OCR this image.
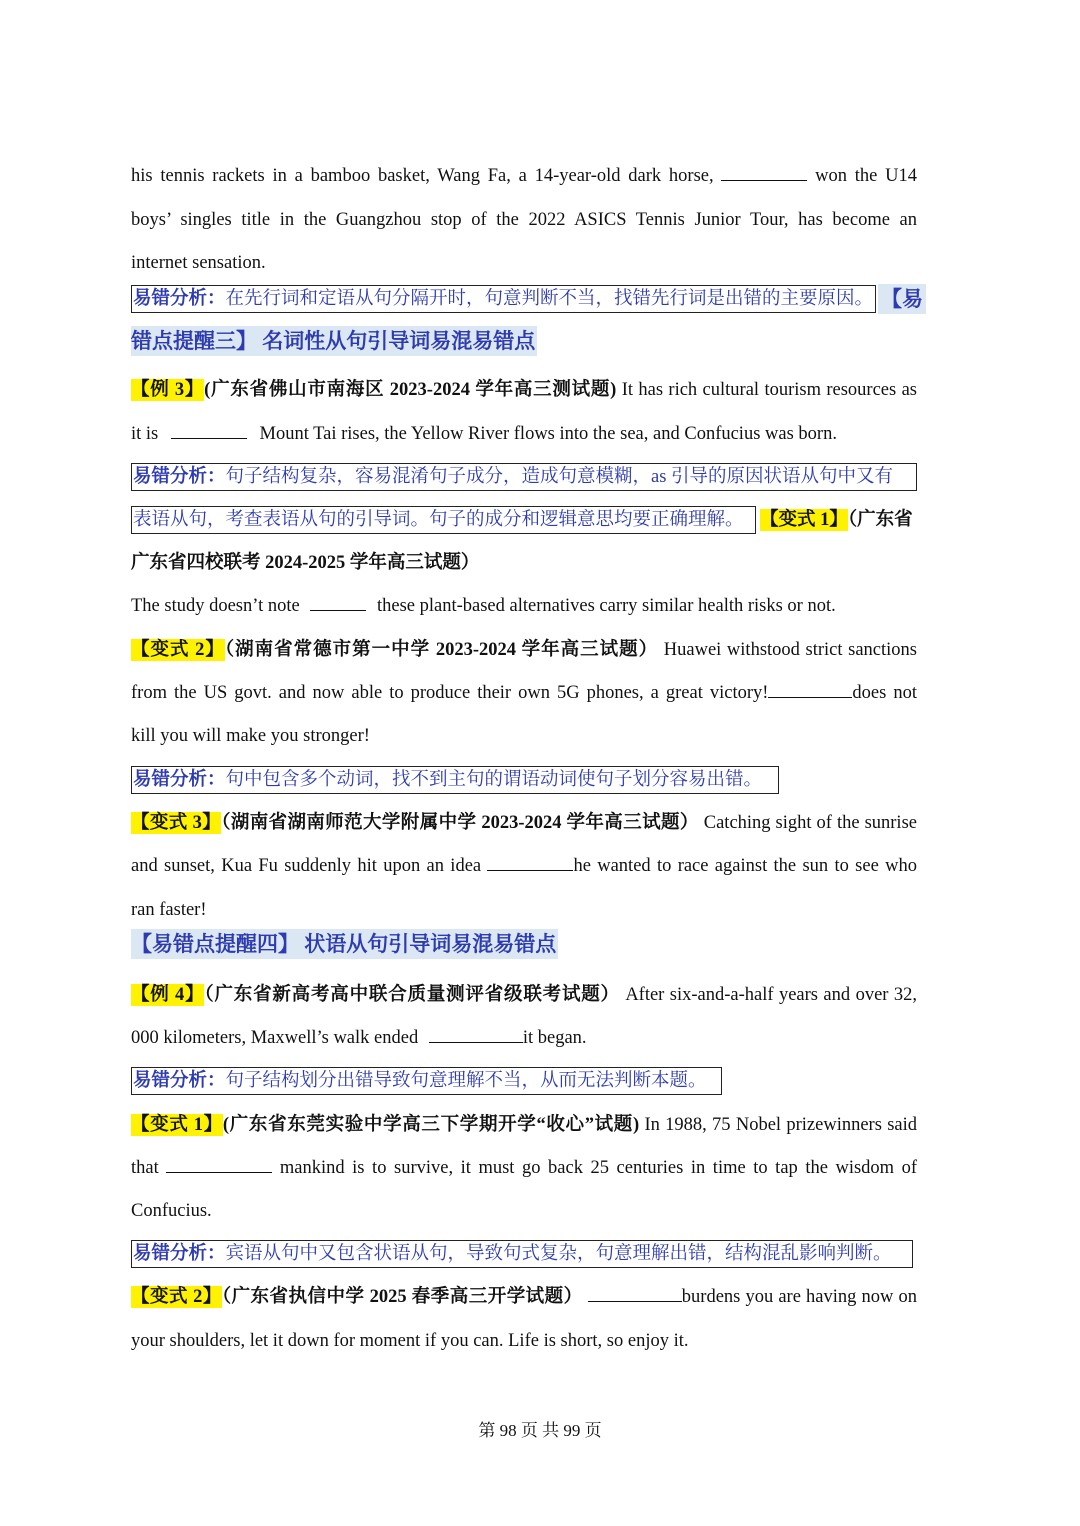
his tennis rackets in a bamboo basket, Wang Fa, a 14-year-old dark horse,	won the U14
boys’ singles title in the Guangzhou stop of the 2022 ASICS Tennis Junior Tour, has become an
internet sensation.
易错分析：在先行词和定语从句分隔开时，句意判断不当，找错先行词是出错的主要原因。 【易
错点提醒三】 名词性从句引导词易混易错点
【例 3】(广东省佛山市南海区 2023-2024 学年高三测试题) It has rich cultural tourism resources as
it is	Mount Tai rises, the Yellow River flows into the sea, and Confucius was born.
易错分析：句子结构复杂，容易混淆句子成分，造成句意模糊，as 引导的原因状语从句中又有
表语从句，考查表语从句的引导词。句子的成分和逻辑意思均要正确理解。 【变式 1】（广东省
广东省四校联考 2024-2025 学年高三试题）
The study doesn’t note	these plant-based alternatives carry similar health risks or not.
【变式 2】（湖南省常德市第一中学 2023-2024 学年高三试题） Huawei withstood strict sanctions
from the US govt. and now able to produce their own 5G phones, a great victory!	does not
kill you will make you stronger!
易错分析：句中包含多个动词，找不到主句的谓语动词使句子划分容易出错。
【变式 3】（湖南省湖南师范大学附属中学 2023-2024 学年高三试题） Catching sight of the sunrise
and sunset, Kua Fu suddenly hit upon an idea	he wanted to race against the sun to see who
ran faster!
【易错点提醒四】 状语从句引导词易混易错点
【例 4】（广东省新高考高中联合质量测评省级联考试题） After six-and-a-half years and over 32,
000 kilometers, Maxwell’s walk ended	it began.
易错分析：句子结构划分出错导致句意理解不当，从而无法判断本题。
【变式 1】(广东省东莞实验中学高三下学期开学“收心”试题) In 1988, 75 Nobel prizewinners said
that	mankind is to survive, it must go back 25 centuries in time to tap the wisdom of
Confucius.
易错分析：宾语从句中又包含状语从句，导致句式复杂，句意理解出错，结构混乱影响判断。
【变式 2】（广东省执信中学 2025 春季高三开学试题）	burdens you are having now on
your shoulders, let it down for moment if you can. Life is short, so enjoy it.
第 98 页 共 99 页
